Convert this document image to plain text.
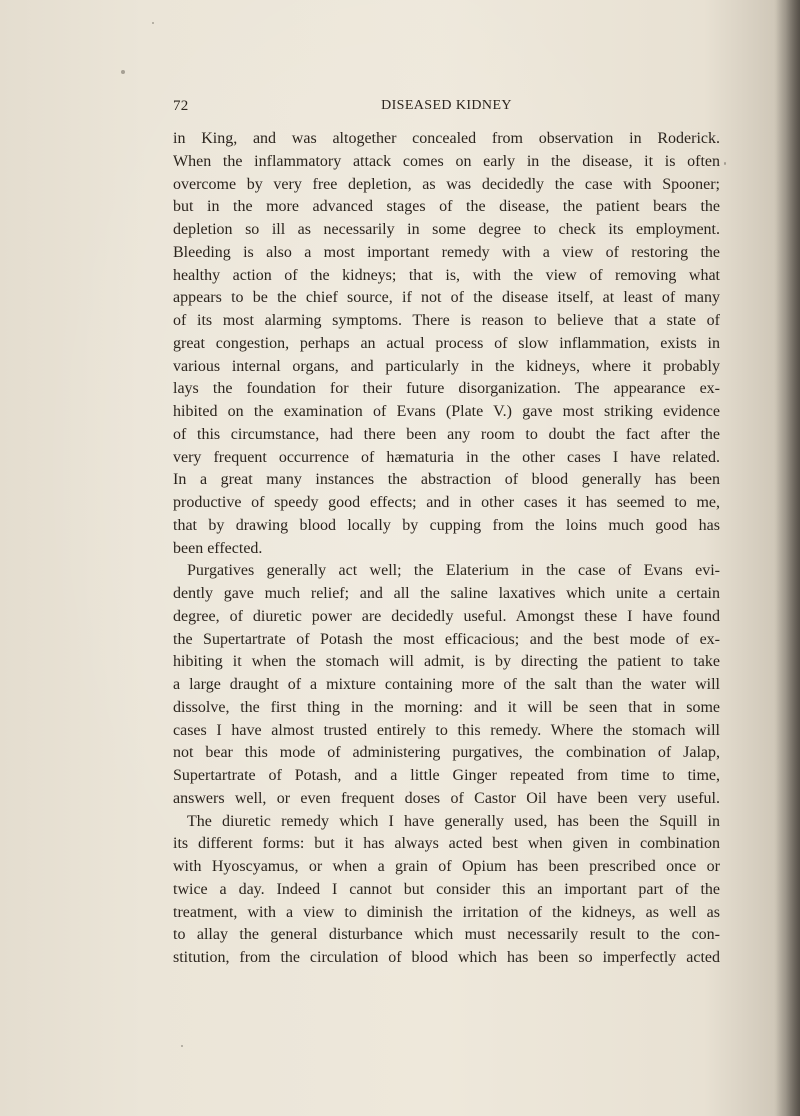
72	DISEASED KIDNEY
in King, and was altogether concealed from observation in Roderick.
When the inflammatory attack comes on early in the disease, it is often
overcome by very free depletion, as was decidedly the case with Spooner;
but in the more advanced stages of the disease, the patient bears the
depletion so ill as necessarily in some degree to check its employment.
Bleeding is also a most important remedy with a view of restoring the
healthy action of the kidneys; that is, with the view of removing what
appears to be the chief source, if not of the disease itself, at least of many
of its most alarming symptoms. There is reason to believe that a state of
great congestion, perhaps an actual process of slow inflammation, exists in
various internal organs, and particularly in the kidneys, where it probably
lays the foundation for their future disorganization. The appearance ex-
hibited on the examination of Evans (Plate V.) gave most striking evidence
of this circumstance, had there been any room to doubt the fact after the
very frequent occurrence of hæmaturia in the other cases I have related.
In a great many instances the abstraction of blood generally has been
productive of speedy good effects; and in other cases it has seemed to me,
that by drawing blood locally by cupping from the loins much good has
been effected.
Purgatives generally act well; the Elaterium in the case of Evans evi-
dently gave much relief; and all the saline laxatives which unite a certain
degree, of diuretic power are decidedly useful. Amongst these I have found
the Supertartrate of Potash the most efficacious; and the best mode of ex-
hibiting it when the stomach will admit, is by directing the patient to take
a large draught of a mixture containing more of the salt than the water will
dissolve, the first thing in the morning: and it will be seen that in some
cases I have almost trusted entirely to this remedy. Where the stomach will
not bear this mode of administering purgatives, the combination of Jalap,
Supertartrate of Potash, and a little Ginger repeated from time to time,
answers well, or even frequent doses of Castor Oil have been very useful.
The diuretic remedy which I have generally used, has been the Squill in
its different forms: but it has always acted best when given in combination
with Hyoscyamus, or when a grain of Opium has been prescribed once or
twice a day. Indeed I cannot but consider this an important part of the
treatment, with a view to diminish the irritation of the kidneys, as well as
to allay the general disturbance which must necessarily result to the con-
stitution, from the circulation of blood which has been so imperfectly acted
